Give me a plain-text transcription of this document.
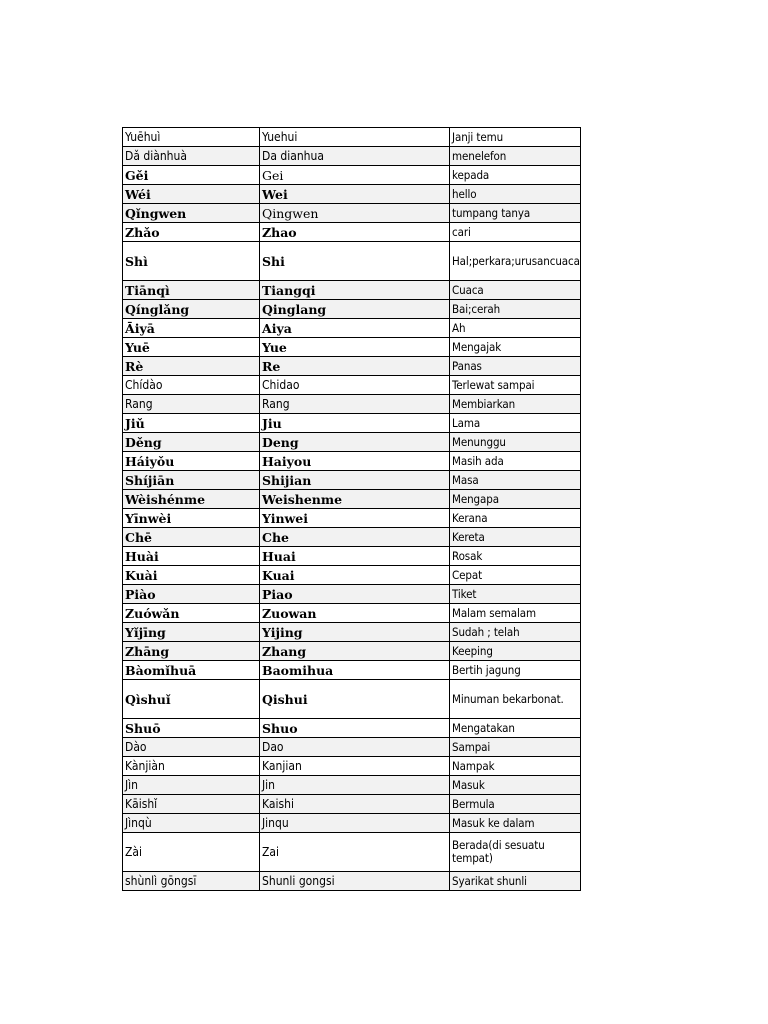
Yuēhuì	Yuehui	Janji temu
Dǎ diànhuà	Da dianhua	menelefon
Gěi	Gei	kepada
Wéi	Wei	hello
Qǐngwen	Qingwen	tumpang tanya
Zhǎo	Zhao	cari
Shì	Shi	Hal;perkara;urusancuaca
Tiānqì	Tiangqi	Cuaca
Qínglǎng	Qinglang	Bai;cerah
Āiyā	Aiya	Ah
Yuē	Yue	Mengajak
Rè	Re	Panas
Chídào	Chidao	Terlewat sampai
Rang	Rang	Membiarkan
Jiǔ	Jiu	Lama
Děng	Deng	Menunggu
Háiyǒu	Haiyou	Masih ada
Shíjiān	Shijian	Masa
Wèishénme	Weishenme	Mengapa
Yīnwèi	Yinwei	Kerana
Chē	Che	Kereta
Huài	Huai	Rosak
Kuài	Kuai	Cepat
Piào	Piao	Tiket
Zuówǎn	Zuowan	Malam semalam
Yǐjīng	Yijing	Sudah ; telah
Zhāng	Zhang	Keeping
Bàomǐhuā	Baomihua	Bertih jagung
Qìshuǐ	Qishui	Minuman bekarbonat.
Shuō	Shuo	Mengatakan
Dào	Dao	Sampai
Kànjiàn	Kanjian	Nampak
Jìn	Jin	Masuk
Kāishǐ	Kaishi	Bermula
Jìnqù	Jinqu	Masuk ke dalam
Zài	Zai	Berada(di sesuatu tempat)
shùnlì gōngsī	Shunli gongsi	Syarikat shunli
